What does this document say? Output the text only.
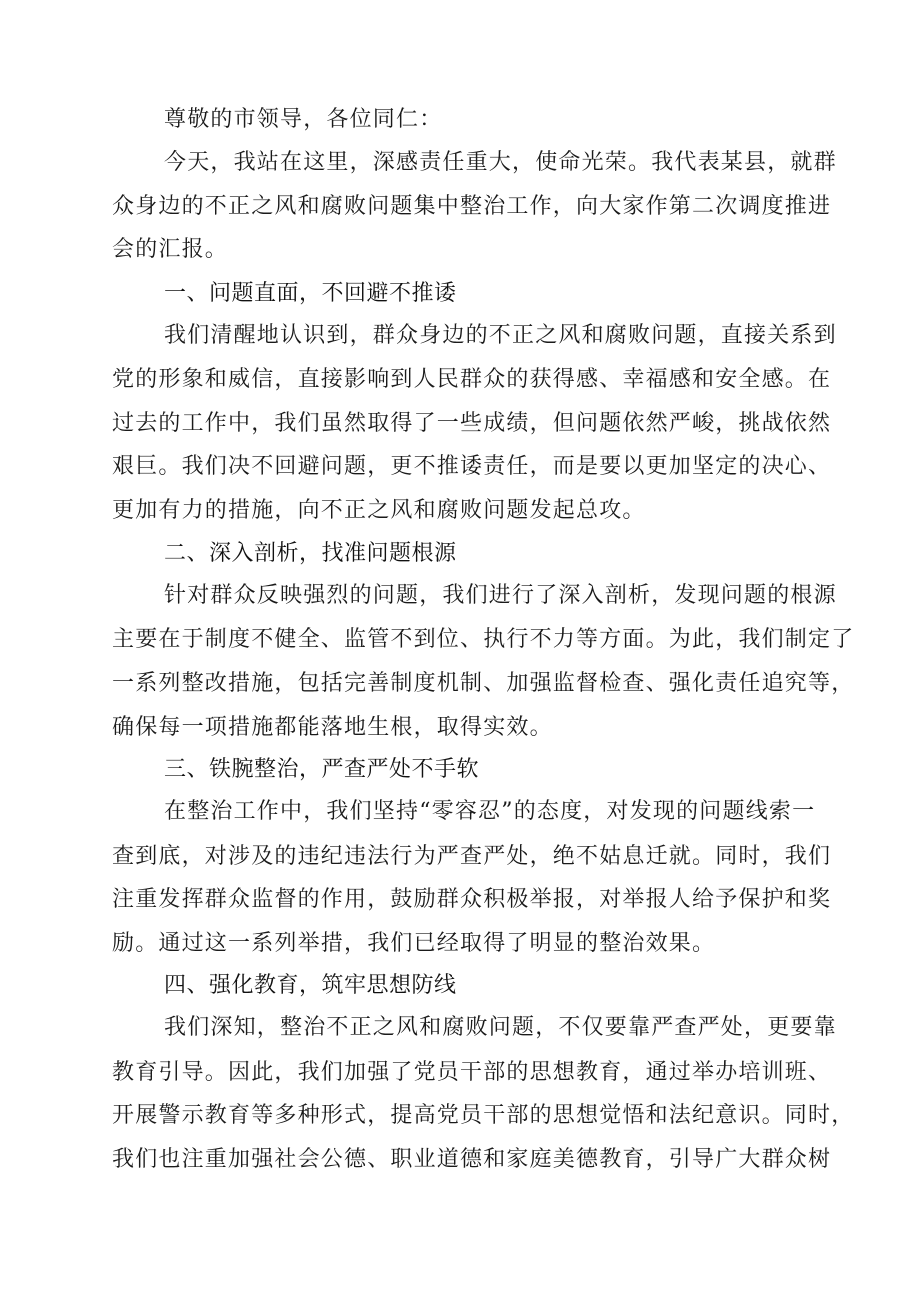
尊敬的市领导，各位同仁：
今天，我站在这里，深感责任重大，使命光荣。我代表某县，就群
众身边的不正之风和腐败问题集中整治工作，向大家作第二次调度推进
会的汇报。
一、问题直面，不回避不推诿
我们清醒地认识到，群众身边的不正之风和腐败问题，直接关系到
党的形象和威信，直接影响到人民群众的获得感、幸福感和安全感。在
过去的工作中，我们虽然取得了一些成绩，但问题依然严峻，挑战依然
艰巨。我们决不回避问题，更不推诿责任，而是要以更加坚定的决心、
更加有力的措施，向不正之风和腐败问题发起总攻。
二、深入剖析，找准问题根源
针对群众反映强烈的问题，我们进行了深入剖析，发现问题的根源
主要在于制度不健全、监管不到位、执行不力等方面。为此，我们制定了
一系列整改措施，包括完善制度机制、加强监督检查、强化责任追究等，
确保每一项措施都能落地生根，取得实效。
三、铁腕整治，严查严处不手软
在整治工作中，我们坚持“零容忍”的态度，对发现的问题线索一
查到底，对涉及的违纪违法行为严查严处，绝不姑息迁就。同时，我们
注重发挥群众监督的作用，鼓励群众积极举报，对举报人给予保护和奖
励。通过这一系列举措，我们已经取得了明显的整治效果。
四、强化教育，筑牢思想防线
我们深知，整治不正之风和腐败问题，不仅要靠严查严处，更要靠
教育引导。因此，我们加强了党员干部的思想教育，通过举办培训班、
开展警示教育等多种形式，提高党员干部的思想觉悟和法纪意识。同时，
我们也注重加强社会公德、职业道德和家庭美德教育，引导广大群众树
